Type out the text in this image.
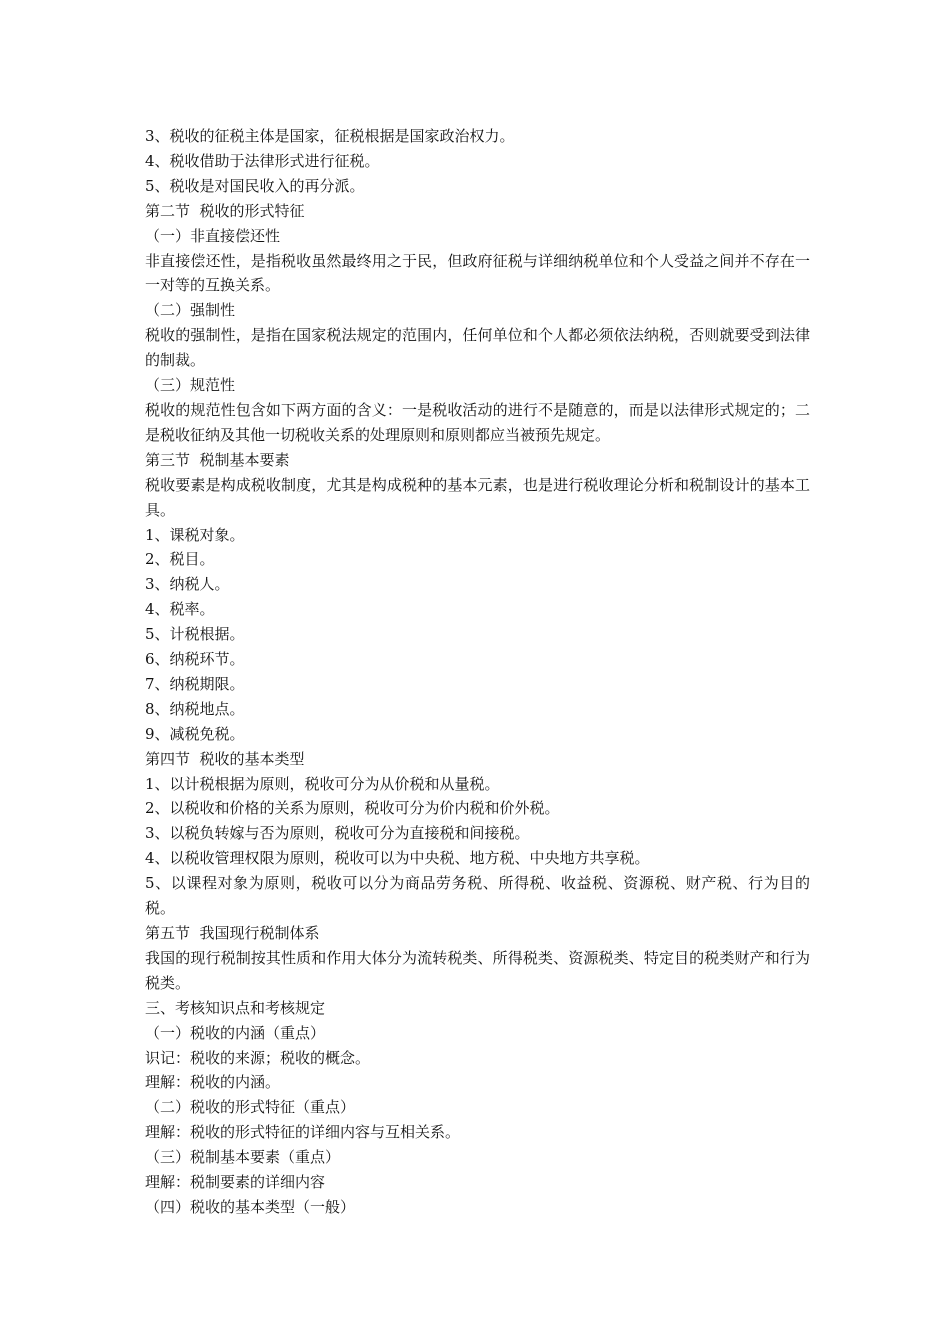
3、税收的征税主体是国家，征税根据是国家政治权力。

4、税收借助于法律形式进行征税。

5、税收是对国民收入的再分派。

第二节  税收的形式特征

（一）非直接偿还性

非直接偿还性，是指税收虽然最终用之于民，但政府征税与详细纳税单位和个人受益之间并不存在一一对等的互换关系。

（二）强制性

税收的强制性，是指在国家税法规定的范围内，任何单位和个人都必须依法纳税，否则就要受到法律的制裁。

（三）规范性

税收的规范性包含如下两方面的含义：一是税收活动的进行不是随意的，而是以法律形式规定的；二是税收征纳及其他一切税收关系的处理原则和原则都应当被预先规定。

第三节  税制基本要素

税收要素是构成税收制度，尤其是构成税种的基本元素，也是进行税收理论分析和税制设计的基本工具。

1、课税对象。

2、税目。

3、纳税人。

4、税率。

5、计税根据。

6、纳税环节。

7、纳税期限。

8、纳税地点。

9、减税免税。

第四节  税收的基本类型

1、以计税根据为原则，税收可分为从价税和从量税。

2、以税收和价格的关系为原则，税收可分为价内税和价外税。

3、以税负转嫁与否为原则，税收可分为直接税和间接税。

4、以税收管理权限为原则，税收可以为中央税、地方税、中央地方共享税。

5、以课程对象为原则，税收可以分为商品劳务税、所得税、收益税、资源税、财产税、行为目的税。

第五节  我国现行税制体系

我国的现行税制按其性质和作用大体分为流转税类、所得税类、资源税类、特定目的税类财产和行为税类。

三、考核知识点和考核规定

（一）税收的内涵（重点）

识记：税收的来源；税收的概念。

理解：税收的内涵。

（二）税收的形式特征（重点）

理解：税收的形式特征的详细内容与互相关系。

（三）税制基本要素（重点）

理解：税制要素的详细内容

（四）税收的基本类型（一般）
